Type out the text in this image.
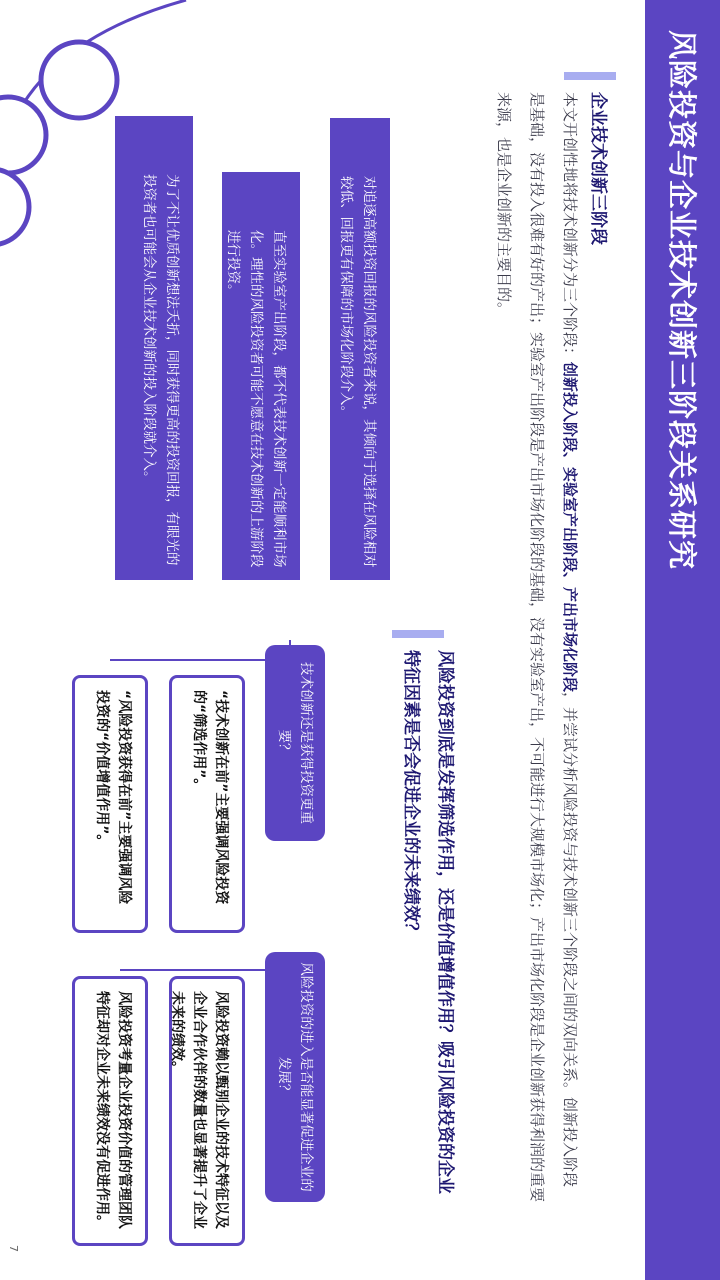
风险投资与企业技术创新三阶段关系研究
企业技术创新三阶段
本文开创性地将技术创新分为三个阶段：创新投入阶段、实验室产出阶段、产出市场化阶段，并尝试分析风险投资与技术创新三个阶段之间的双向关系。创新投入阶段是基础，没有投入很难有好的产出；实验室产出阶段是产出市场化阶段的基础，没有实验室产出，不可能进行大规模市场化；产出市场化阶段是企业创新获得利润的重要来源，也是企业创新的主要目的。
风险投资到底是发挥筛选作用，还是价值增值作用？吸引风险投资的企业特征因素是否会促进企业的未来绩效？
对追逐高额投资回报的风险投资者来说，其倾向于选择在风险相对较低、回报更有保障的市场化阶段介入。
直至实验室产出阶段，都不代表技术创新一定能顺利市场化。理性的风险投资者可能不愿意在技术创新的上游阶段进行投资。
为了不让优质创新想法夭折，同时获得更高的投资回报，有眼光的投资者也可能会从企业技术创新的投入阶段就介入。
技术创新还是获得投资更重要？
“技术创新在前”主要强调风险投资的“筛选作用”。
“风险投资获得在前”主要强调风险投资的“价值增值作用”。
风险投资的进入是否能显著促进企业的发展？
风险投资赖以甄别企业的技术特征以及企业合作伙伴的数量也显著提升了企业未来的绩效。
风险投资考量企业投资价值的管理团队特征却对企业未来绩效没有促进作用。
7
